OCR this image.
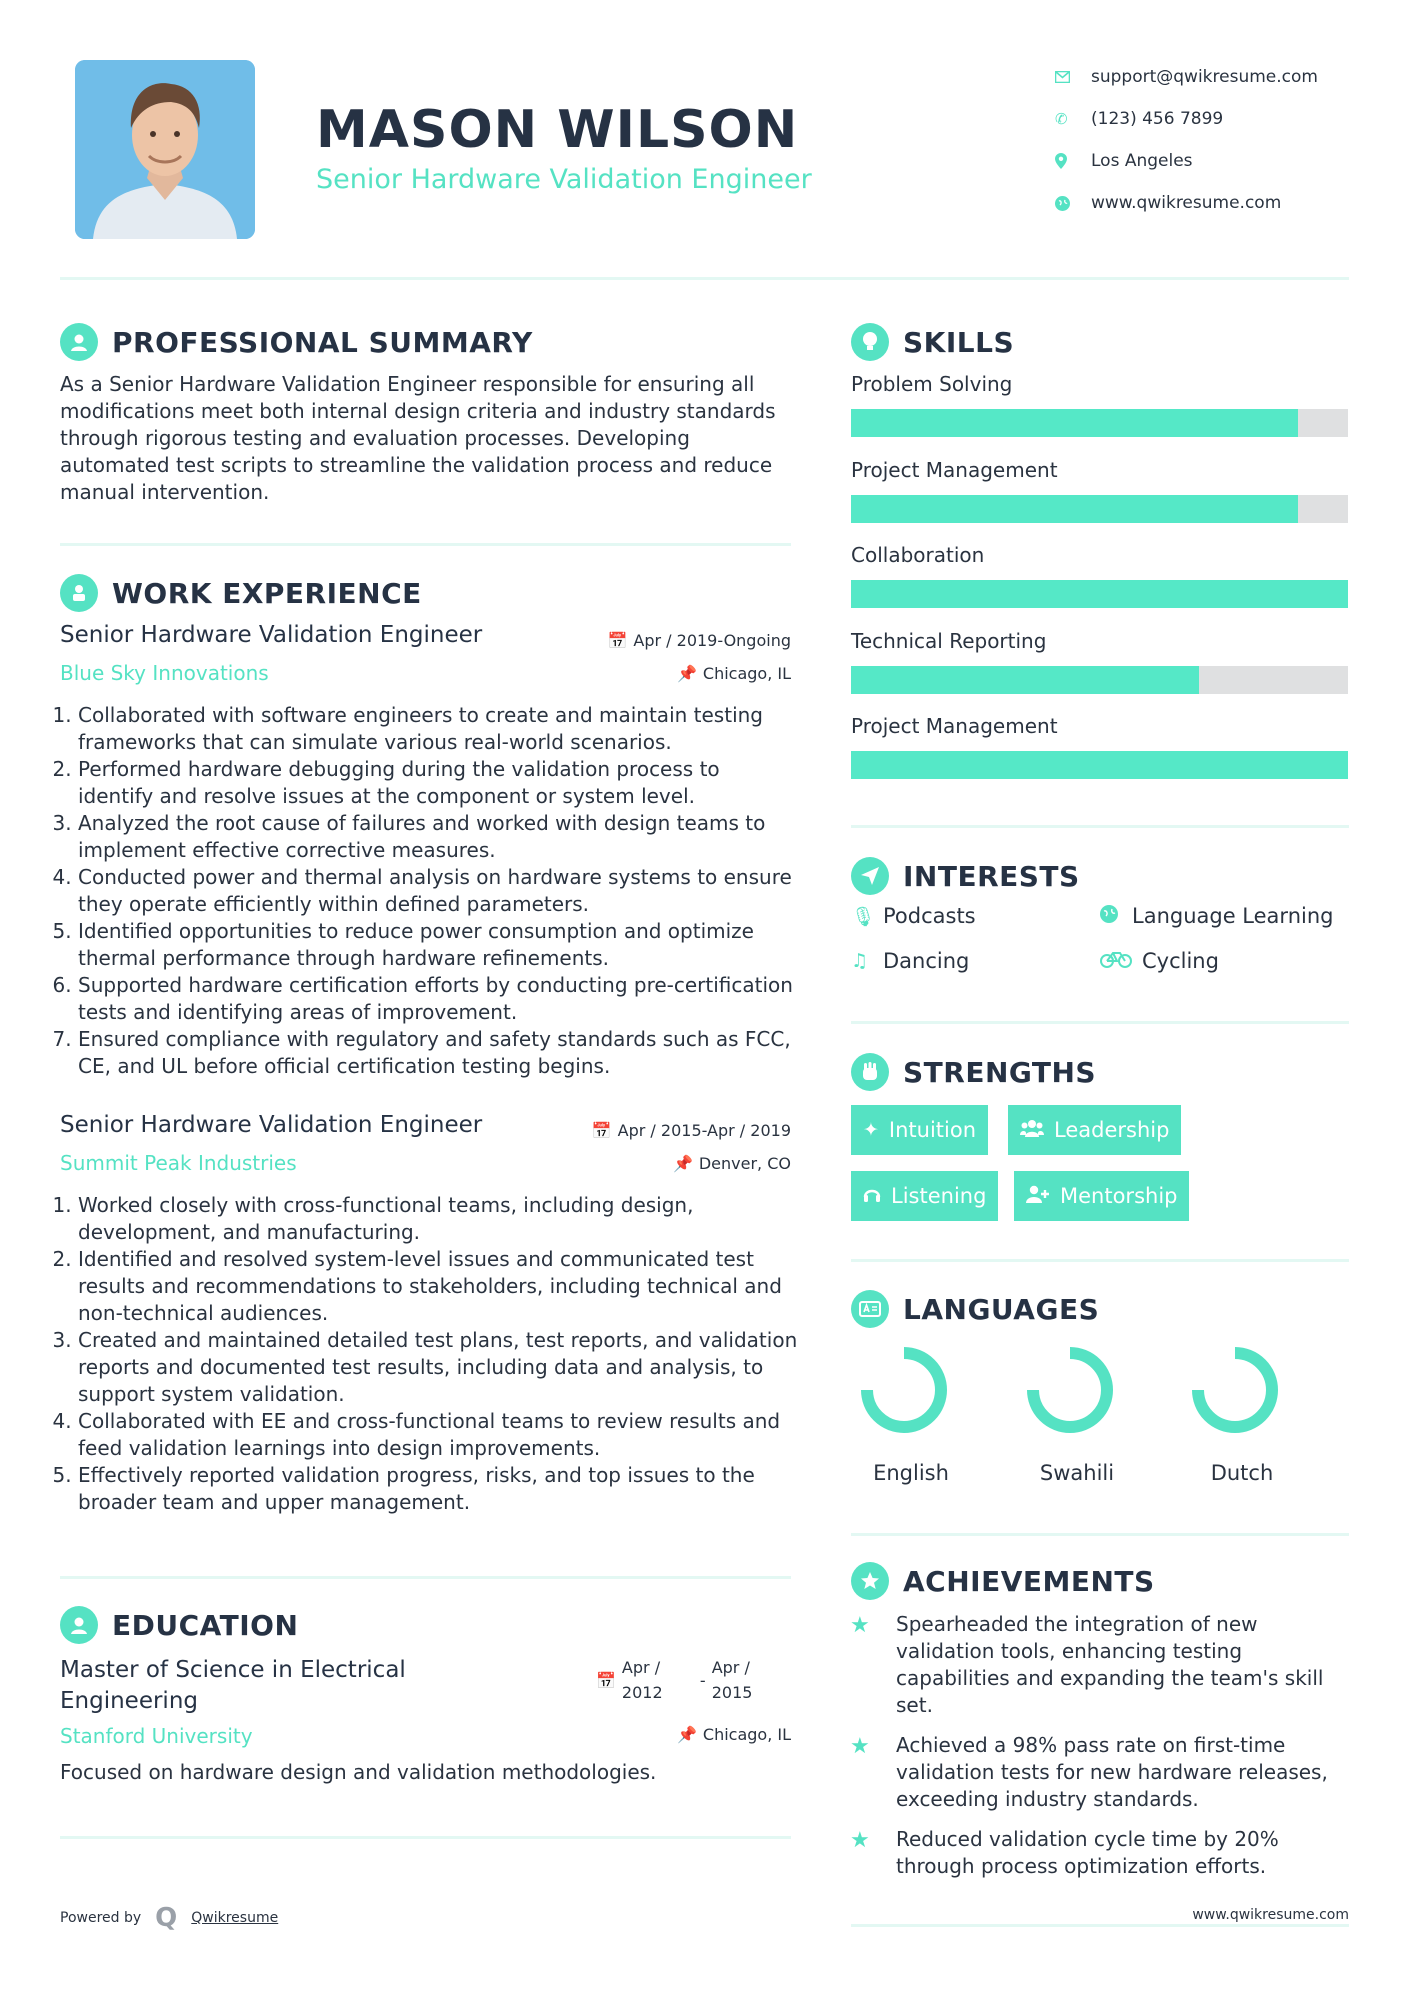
MASON WILSON
Senior Hardware Validation Engineer
support@qwikresume.com
✆	(123) 456 7899
Los Angeles
www.qwikresume.com
PROFESSIONAL SUMMARY
As a Senior Hardware Validation Engineer responsible for ensuring all modifications meet both internal design criteria and industry standards through rigorous testing and evaluation processes. Developing automated test scripts to streamline the validation process and reduce manual intervention.
WORK EXPERIENCE
Senior Hardware Validation Engineer
Blue Sky Innovations
📅 Apr / 2019-Ongoing
📌 Chicago, IL
1. Collaborated with software engineers to create and maintain testing frameworks that can simulate various real-world scenarios.
2. Performed hardware debugging during the validation process to identify and resolve issues at the component or system level.
3. Analyzed the root cause of failures and worked with design teams to implement effective corrective measures.
4. Conducted power and thermal analysis on hardware systems to ensure they operate efficiently within defined parameters.
5. Identified opportunities to reduce power consumption and optimize thermal performance through hardware refinements.
6. Supported hardware certification efforts by conducting pre-certification tests and identifying areas of improvement.
7. Ensured compliance with regulatory and safety standards such as FCC, CE, and UL before official certification testing begins.
Senior Hardware Validation Engineer
Summit Peak Industries
📅 Apr / 2015-Apr / 2019
📌 Denver, CO
1. Worked closely with cross-functional teams, including design, development, and manufacturing.
2. Identified and resolved system-level issues and communicated test results and recommendations to stakeholders, including technical and non-technical audiences.
3. Created and maintained detailed test plans, test reports, and validation reports and documented test results, including data and analysis, to support system validation.
4. Collaborated with EE and cross-functional teams to review results and feed validation learnings into design improvements.
5. Effectively reported validation progress, risks, and top issues to the broader team and upper management.
EDUCATION
Master of Science in Electrical Engineering
📅
Apr / 2012
-
Apr / 2015
Stanford University	📌 Chicago, IL
Focused on hardware design and validation methodologies.
SKILLS
Problem Solving
Project Management
Collaboration
Technical Reporting
Project Management
INTERESTS
🎙 Podcasts	Language Learning
♫ Dancing	Cycling
STRENGTHS
✦ Intuition	Leadership
Listening	Mentorship
LANGUAGES
English	Swahili	Dutch
ACHIEVEMENTS
★	Spearheaded the integration of new validation tools, enhancing testing capabilities and expanding the team's skill set.
★	Achieved a 98% pass rate on first-time validation tests for new hardware releases, exceeding industry standards.
★	Reduced validation cycle time by 20% through process optimization efforts.
Powered by Q Qwikresume	www.qwikresume.com
